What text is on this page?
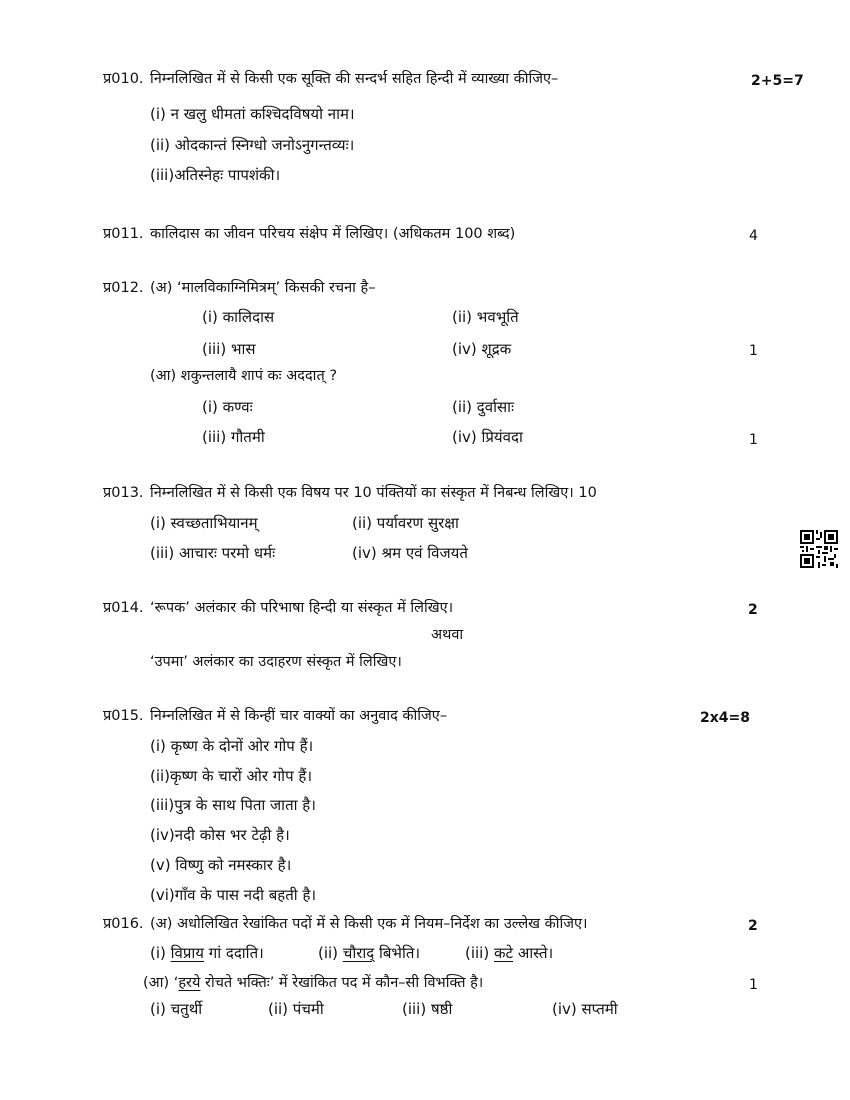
प्र010. निम्नलिखित में से किसी एक सूक्ति की सन्दर्भ सहित हिन्दी में व्याख्या कीजिए–	2+5=7
(i) न खलु धीमतां कश्चिदविषयो नाम।
(ii) ओदकान्तं स्निग्धो जनोऽनुगन्तव्यः।
(iii)अतिस्नेहः पापशंकी।
प्र011. कालिदास का जीवन परिचय संक्षेप में लिखिए। (अधिकतम 100 शब्द)	4
प्र012. (अ) ‘मालविकाग्निमित्रम्’ किसकी रचना है–
(i) कालिदास	(ii) भवभूति
(iii) भास	(iv) शूद्रक	1
(आ) शकुन्तलायै शापं कः अददात् ?
(i) कण्वः	(ii) दुर्वासाः
(iii) गौतमी	(iv) प्रियंवदा	1
प्र013. निम्नलिखित में से किसी एक विषय पर 10 पंक्तियों का संस्कृत में निबन्ध लिखिए। 10
(i) स्वच्छताभियानम्	(ii) पर्यावरण सुरक्षा
(iii) आचारः परमो धर्मः	(iv) श्रम एवं विजयते
प्र014. ‘रूपक’ अलंकार की परिभाषा हिन्दी या संस्कृत में लिखिए।	2
अथवा
‘उपमा’ अलंकार का उदाहरण संस्कृत में लिखिए।
प्र015. निम्नलिखित में से किन्हीं चार वाक्यों का अनुवाद कीजिए–	2x4=8
(i) कृष्ण के दोनों ओर गोप हैं।
(ii)कृष्ण के चारों ओर गोप हैं।
(iii)पुत्र के साथ पिता जाता है।
(iv)नदी कोस भर टेढ़ी है।
(v) विष्णु को नमस्कार है।
(vi)गाँव के पास नदी बहती है।
प्र016. (अ) अधोलिखित रेखांकित पदों में से किसी एक में नियम–निर्देश का उल्लेख कीजिए।	2
(i) विप्राय गां ददाति।	(ii) चौराद् बिभेति।	(iii) कटे आस्ते।
(आ) ‘हरये रोचते भक्तिः’ में रेखांकित पद में कौन–सी विभक्ति है।	1
(i) चतुर्थी	(ii) पंचमी	(iii) षष्ठी	(iv) सप्तमी
